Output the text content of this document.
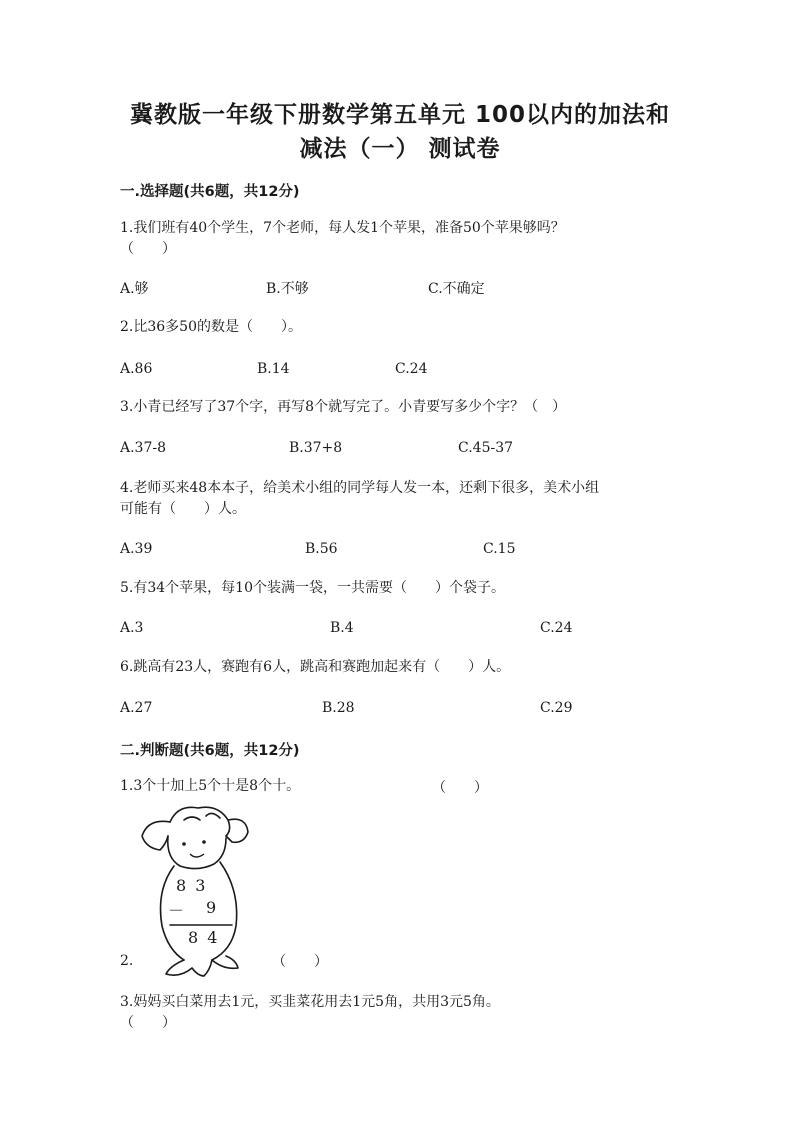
冀教版一年级下册数学第五单元 100以内的加法和
减法（一） 测试卷

一.选择题(共6题，共12分)

1.我们班有40个学生，7个老师，每人发1个苹果，准备50个苹果够吗？

（　　）

A.够	B.不够	C.不确定

2.比36多50的数是（　　）。

A.86	B.14	C.24

3.小青已经写了37个字，再写8个就写完了。小青要写多少个字？（　）

A.37-8	B.37+8	C.45-37

4.老师买来48本本子，给美术小组的同学每人发一本，还剩下很多，美术小组

可能有（　　）人。

A.39	B.56	C.15

5.有34个苹果，每10个装满一袋，一共需要（　　）个袋子。

A.3	B.4	C.24

6.跳高有23人，赛跑有6人，跳高和赛跑加起来有（　　）人。

A.27	B.28	C.29

二.判断题(共6题，共12分)

1.3个十加上5个十是8个十。	（　　）
8 3
－ 9
8 4
2.	（　　）

3.妈妈买白菜用去1元，买韭菜花用去1元5角，共用3元5角。

（　　）
